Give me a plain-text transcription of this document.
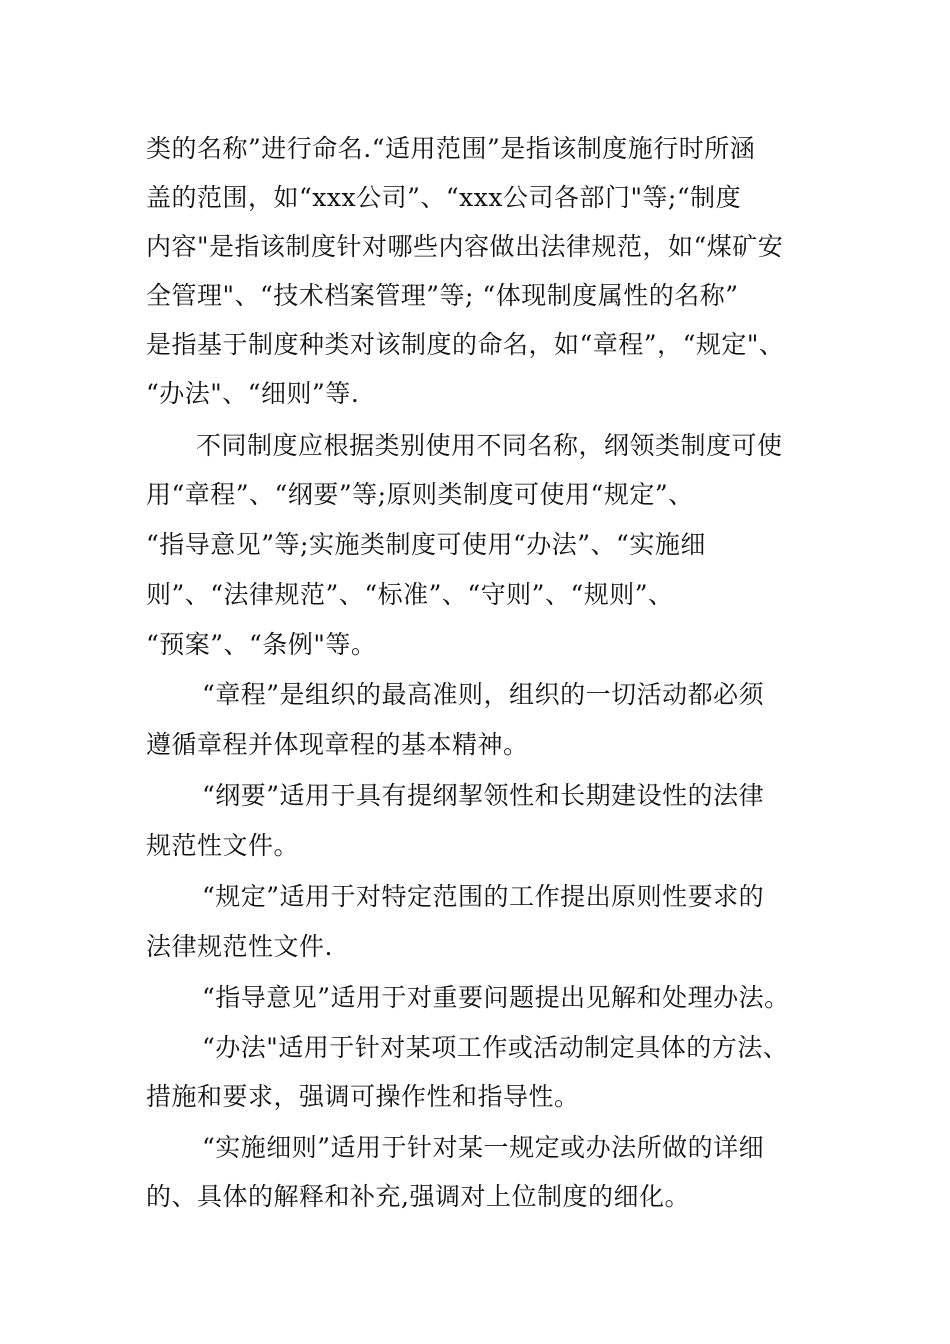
类的名称”进行命名.“适用范围”是指该制度施行时所涵
盖的范围，如“xxx公司”、“xxx公司各部门"等;“制度
内容"是指该制度针对哪些内容做出法律规范，如“煤矿安
全管理"、“技术档案管理”等; “体现制度属性的名称”
是指基于制度种类对该制度的命名，如“章程”，“规定"、
“办法"、“细则”等.
不同制度应根据类别使用不同名称，纲领类制度可使
用“章程”、“纲要”等;原则类制度可使用“规定”、
“指导意见”等;实施类制度可使用“办法”、“实施细
则”、“法律规范”、“标准”、“守则”、“规则”、
“预案”、“条例"等。
“章程”是组织的最高准则，组织的一切活动都必须
遵循章程并体现章程的基本精神。
“纲要”适用于具有提纲挈领性和长期建设性的法律
规范性文件。
“规定”适用于对特定范围的工作提出原则性要求的
法律规范性文件.
“指导意见”适用于对重要问题提出见解和处理办法。
“办法"适用于针对某项工作或活动制定具体的方法、
措施和要求，强调可操作性和指导性。
“实施细则”适用于针对某一规定或办法所做的详细
的、具体的解释和补充,强调对上位制度的细化。
